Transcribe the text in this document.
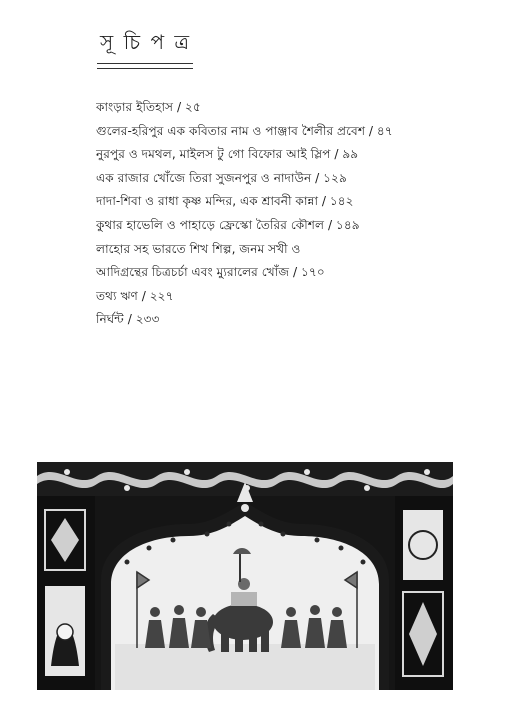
সূ চি প ত্র
কাংড়ার ইতিহাস / ২৫
গুলের-হরিপুর এক কবিতার নাম ও পাঞ্জাব শৈলীর প্রবেশ / ৪৭
নুরপুর ও দমথল, মাইলস টু গো বিফোর আই স্লিপ / ৯৯
এক রাজার খোঁজে তিরা সুজনপুর ও নাদাউন / ১২৯
দাদা-শিবা ও রাধা কৃষ্ণ মন্দির, এক শ্রাবনী কান্না / ১৪২
কুথার হাভেলি ও পাহাড়ে ফ্রেস্কো তৈরির কৌশল / ১৪৯
লাহোর সহ ভারতে শিখ শিল্প, জনম সখী ও
আদিগ্রন্থের চিত্রচর্চা এবং ম্যুরালের খোঁজ / ১৭০
তথ্য ঋণ / ২২৭
নির্ঘন্ট / ২৩৩
